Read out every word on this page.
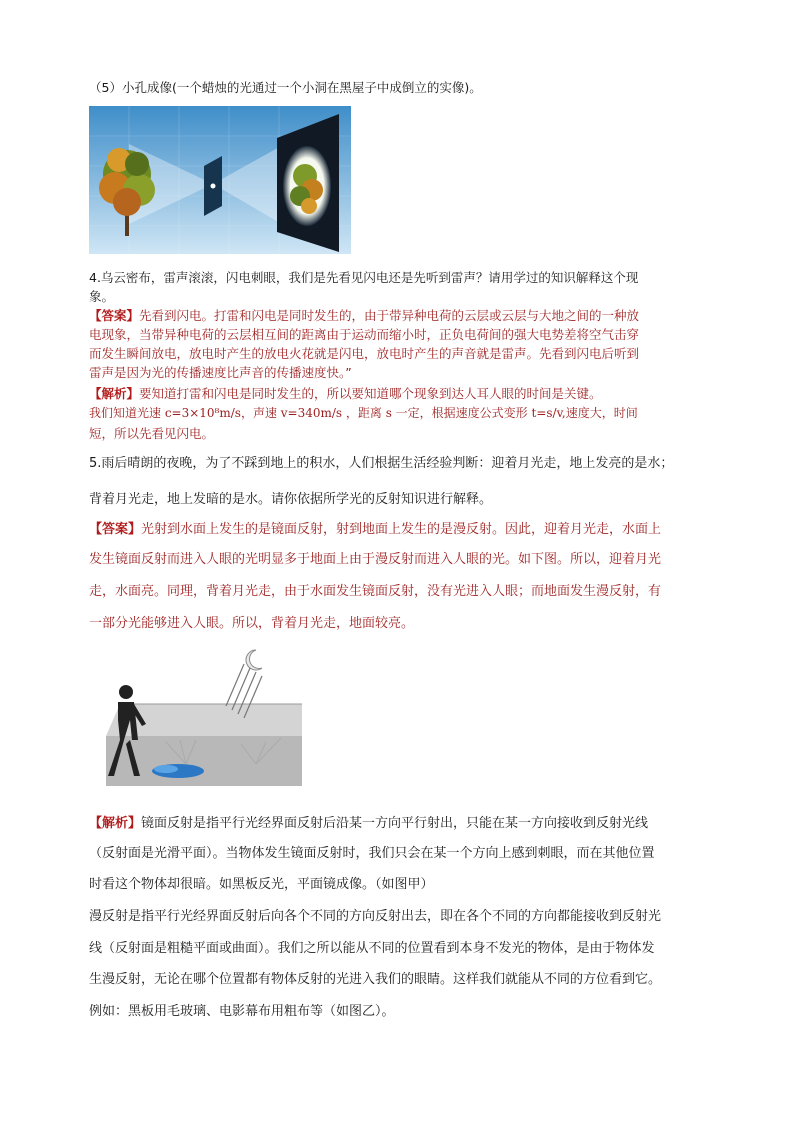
（5）小孔成像(一个蜡烛的光通过一个小洞在黑屋子中成倒立的实像)。
4.乌云密布，雷声滚滚，闪电刺眼，我们是先看见闪电还是先听到雷声？请用学过的知识解释这个现
象。
【答案】先看到闪电。打雷和闪电是同时发生的，由于带异种电荷的云层或云层与大地之间的一种放
电现象，当带异种电荷的云层相互间的距离由于运动而缩小时，正负电荷间的强大电势差将空气击穿
而发生瞬间放电，放电时产生的放电火花就是闪电，放电时产生的声音就是雷声。先看到闪电后听到
雷声是因为光的传播速度比声音的传播速度快。”
【解析】要知道打雷和闪电是同时发生的，所以要知道哪个现象到达人耳人眼的时间是关键。
我们知道光速 c=3×10⁸m/s，声速 v=340m/s ，距离 s 一定，根据速度公式变形 t=s/v,速度大，时间
短，所以先看见闪电。
5.雨后晴朗的夜晚，为了不踩到地上的积水，人们根据生活经验判断：迎着月光走，地上发亮的是水；
背着月光走，地上发暗的是水。请你依据所学光的反射知识进行解释。
【答案】光射到水面上发生的是镜面反射，射到地面上发生的是漫反射。因此，迎着月光走，水面上
发生镜面反射而进入人眼的光明显多于地面上由于漫反射而进入人眼的光。如下图。所以，迎着月光
走，水面亮。同理，背着月光走，由于水面发生镜面反射，没有光进入人眼；而地面发生漫反射，有
一部分光能够进入人眼。所以，背着月光走，地面较亮。
【解析】镜面反射是指平行光经界面反射后沿某一方向平行射出，只能在某一方向接收到反射光线
（反射面是光滑平面）。当物体发生镜面反射时，我们只会在某一个方向上感到刺眼，而在其他位置
时看这个物体却很暗。如黑板反光，平面镜成像。（如图甲）
漫反射是指平行光经界面反射后向各个不同的方向反射出去，即在各个不同的方向都能接收到反射光
线（反射面是粗糙平面或曲面）。我们之所以能从不同的位置看到本身不发光的物体，是由于物体发
生漫反射，无论在哪个位置都有物体反射的光进入我们的眼睛。这样我们就能从不同的方位看到它。
例如：黑板用毛玻璃、电影幕布用粗布等（如图乙）。
